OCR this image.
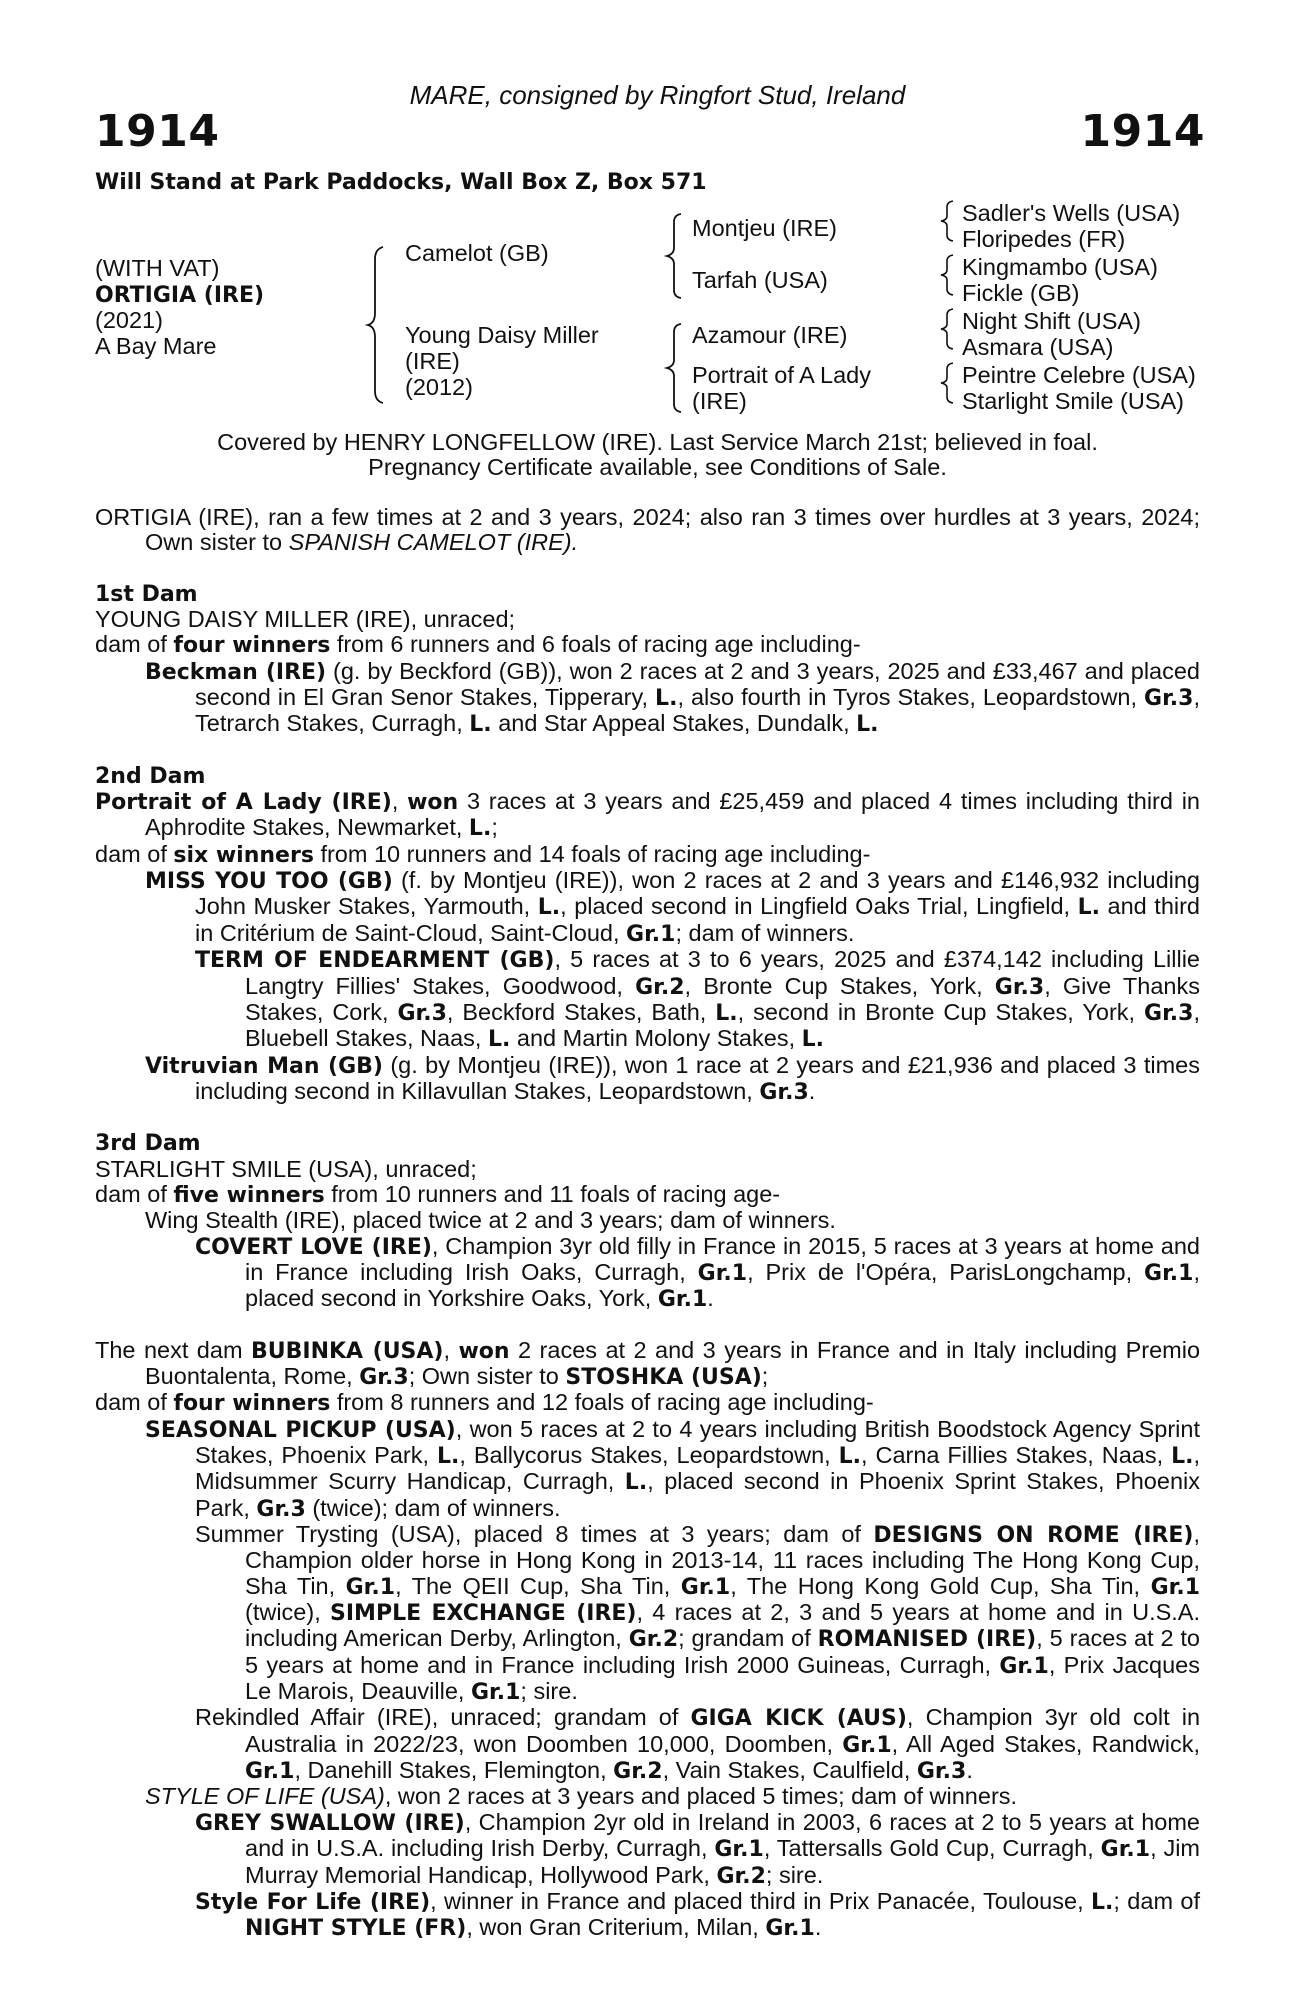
MARE, consigned by Ringfort Stud, Ireland
1914	1914
Will Stand at Park Paddocks, Wall Box Z, Box 571
(WITH VAT)
ORTIGIA (IRE)
(2021)
A Bay Mare
Camelot (GB)
Young Daisy Miller
(IRE)
(2012)
Montjeu (IRE)
Tarfah (USA)
Azamour (IRE)
Portrait of A Lady
(IRE)
Sadler's Wells (USA)
Floripedes (FR)
Kingmambo (USA)
Fickle (GB)
Night Shift (USA)
Asmara (USA)
Peintre Celebre (USA)
Starlight Smile (USA)
Covered by HENRY LONGFELLOW (IRE). Last Service March 21st; believed in foal.
Pregnancy Certificate available, see Conditions of Sale.

ORTIGIA (IRE), ran a few times at 2 and 3 years, 2024; also ran 3 times over hurdles at 3 years, 2024; Own sister to SPANISH CAMELOT (IRE).

1st Dam

YOUNG DAISY MILLER (IRE), unraced;

dam of four winners from 6 runners and 6 foals of racing age including-

Beckman (IRE) (g. by Beckford (GB)), won 2 races at 2 and 3 years, 2025 and £33,467 and placed second in El Gran Senor Stakes, Tipperary, L., also fourth in Tyros Stakes, Leopardstown, Gr.3, Tetrarch Stakes, Curragh, L. and Star Appeal Stakes, Dundalk, L.

2nd Dam

Portrait of A Lady (IRE), won 3 races at 3 years and £25,459 and placed 4 times including third in Aphrodite Stakes, Newmarket, L.;

dam of six winners from 10 runners and 14 foals of racing age including-

MISS YOU TOO (GB) (f. by Montjeu (IRE)), won 2 races at 2 and 3 years and £146,932 including John Musker Stakes, Yarmouth, L., placed second in Lingfield Oaks Trial, Lingfield, L. and third in Critérium de Saint-Cloud, Saint-Cloud, Gr.1; dam of winners.

TERM OF ENDEARMENT (GB), 5 races at 3 to 6 years, 2025 and £374,142 including Lillie Langtry Fillies' Stakes, Goodwood, Gr.2, Bronte Cup Stakes, York, Gr.3, Give Thanks Stakes, Cork, Gr.3, Beckford Stakes, Bath, L., second in Bronte Cup Stakes, York, Gr.3, Bluebell Stakes, Naas, L. and Martin Molony Stakes, L.

Vitruvian Man (GB) (g. by Montjeu (IRE)), won 1 race at 2 years and £21,936 and placed 3 times including second in Killavullan Stakes, Leopardstown, Gr.3.

3rd Dam

STARLIGHT SMILE (USA), unraced;

dam of five winners from 10 runners and 11 foals of racing age-

Wing Stealth (IRE), placed twice at 2 and 3 years; dam of winners.

COVERT LOVE (IRE), Champion 3yr old filly in France in 2015, 5 races at 3 years at home and in France including Irish Oaks, Curragh, Gr.1, Prix de l'Opéra, ParisLongchamp, Gr.1, placed second in Yorkshire Oaks, York, Gr.1.

The next dam BUBINKA (USA), won 2 races at 2 and 3 years in France and in Italy including Premio Buontalenta, Rome, Gr.3; Own sister to STOSHKA (USA);

dam of four winners from 8 runners and 12 foals of racing age including-

SEASONAL PICKUP (USA), won 5 races at 2 to 4 years including British Boodstock Agency Sprint Stakes, Phoenix Park, L., Ballycorus Stakes, Leopardstown, L., Carna Fillies Stakes, Naas, L., Midsummer Scurry Handicap, Curragh, L., placed second in Phoenix Sprint Stakes, Phoenix Park, Gr.3 (twice); dam of winners.

Summer Trysting (USA), placed 8 times at 3 years; dam of DESIGNS ON ROME (IRE), Champion older horse in Hong Kong in 2013-14, 11 races including The Hong Kong Cup, Sha Tin, Gr.1, The QEII Cup, Sha Tin, Gr.1, The Hong Kong Gold Cup, Sha Tin, Gr.1 (twice), SIMPLE EXCHANGE (IRE), 4 races at 2, 3 and 5 years at home and in U.S.A. including American Derby, Arlington, Gr.2; grandam of ROMANISED (IRE), 5 races at 2 to 5 years at home and in France including Irish 2000 Guineas, Curragh, Gr.1, Prix Jacques Le Marois, Deauville, Gr.1; sire.

Rekindled Affair (IRE), unraced; grandam of GIGA KICK (AUS), Champion 3yr old colt in Australia in 2022/23, won Doomben 10,000, Doomben, Gr.1, All Aged Stakes, Randwick, Gr.1, Danehill Stakes, Flemington, Gr.2, Vain Stakes, Caulfield, Gr.3.

STYLE OF LIFE (USA), won 2 races at 3 years and placed 5 times; dam of winners.

GREY SWALLOW (IRE), Champion 2yr old in Ireland in 2003, 6 races at 2 to 5 years at home and in U.S.A. including Irish Derby, Curragh, Gr.1, Tattersalls Gold Cup, Curragh, Gr.1, Jim Murray Memorial Handicap, Hollywood Park, Gr.2; sire.

Style For Life (IRE), winner in France and placed third in Prix Panacée, Toulouse, L.; dam of NIGHT STYLE (FR), won Gran Criterium, Milan, Gr.1.
